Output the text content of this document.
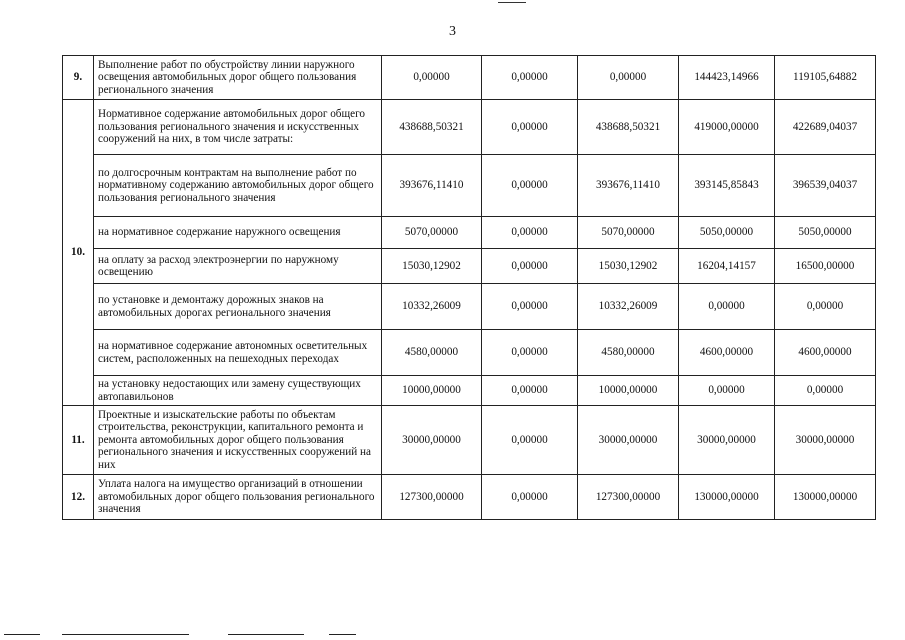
3
9.	Выполнение работ по обустройству линии наружного освещения автомобильных дорог общего пользования регионального значения	0,00000	0,00000	0,00000	144423,14966	119105,64882
10.	Нормативное содержание автомобильных дорог общего пользования регионального значения и искусственных сооружений на них, в том числе затраты:	438688,50321	0,00000	438688,50321	419000,00000	422689,04037
	по долгосрочным контрактам на выполнение работ по нормативному содержанию автомобильных дорог общего пользования регионального значения	393676,11410	0,00000	393676,11410	393145,85843	396539,04037
	на нормативное содержание наружного освещения	5070,00000	0,00000	5070,00000	5050,00000	5050,00000
	на оплату за расход электроэнергии по наружному освещению	15030,12902	0,00000	15030,12902	16204,14157	16500,00000
	по установке и демонтажу дорожных знаков на автомобильных дорогах регионального значения	10332,26009	0,00000	10332,26009	0,00000	0,00000
	на нормативное содержание автономных осветительных систем, расположенных на пешеходных переходах	4580,00000	0,00000	4580,00000	4600,00000	4600,00000
	на установку недостающих или замену существующих автопавильонов	10000,00000	0,00000	10000,00000	0,00000	0,00000
11.	Проектные и изыскательские работы по объектам строительства, реконструкции, капитального ремонта и ремонта автомобильных дорог общего пользования регионального значения и искусственных сооружений на них	30000,00000	0,00000	30000,00000	30000,00000	30000,00000
12.	Уплата налога на имущество организаций в отношении автомобильных дорог общего пользования регионального значения	127300,00000	0,00000	127300,00000	130000,00000	130000,00000
